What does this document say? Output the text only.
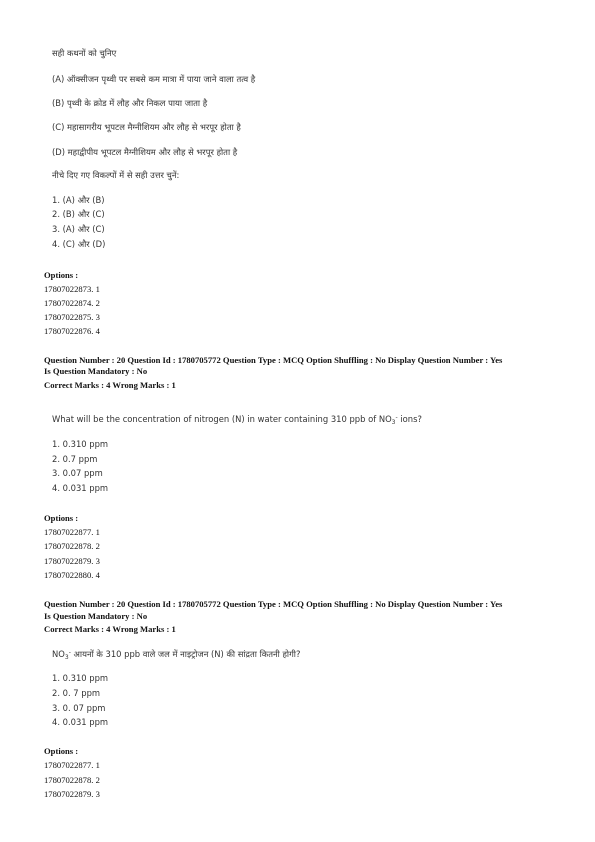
सही कथनों को चुनिए
(A) ऑक्सीजन पृथ्वी पर सबसे कम मात्रा में पाया जाने वाला तत्व है
(B) पृथ्वी के क्रोड में लौह और निकल पाया जाता है
(C) महासागरीय भूपटल मैग्नीशियम और लौह से भरपूर होता है
(D) महाद्वीपीय भूपटल मैग्नीशियम और लौह से भरपूर होता है
नीचे दिए गए विकल्पों में से सही उत्तर चुनें:
1. (A) और (B)
2. (B) और (C)
3. (A) और (C)
4. (C) और (D)
Options :
17807022873. 1
17807022874. 2
17807022875. 3
17807022876. 4
Question Number : 20 Question Id : 1780705772 Question Type : MCQ Option Shuffling : No Display Question Number : Yes
Is Question Mandatory : No
Correct Marks : 4 Wrong Marks : 1
What will be the concentration of nitrogen (N) in water containing 310 ppb of $NO_3^-$ ions?
1. 0.310 ppm
2. 0.7 ppm
3. 0.07 ppm
4. 0.031 ppm
Options :
17807022877. 1
17807022878. 2
17807022879. 3
17807022880. 4
Question Number : 20 Question Id : 1780705772 Question Type : MCQ Option Shuffling : No Display Question Number : Yes
Is Question Mandatory : No
Correct Marks : 4 Wrong Marks : 1
$NO_3^-$ आयनों के 310 ppb वाले जल में नाइट्रोजन (N) की सांद्रता कितनी होगी?
1. 0.310 ppm
2. 0. 7 ppm
3. 0. 07 ppm
4. 0.031 ppm
Options :
17807022877. 1
17807022878. 2
17807022879. 3
